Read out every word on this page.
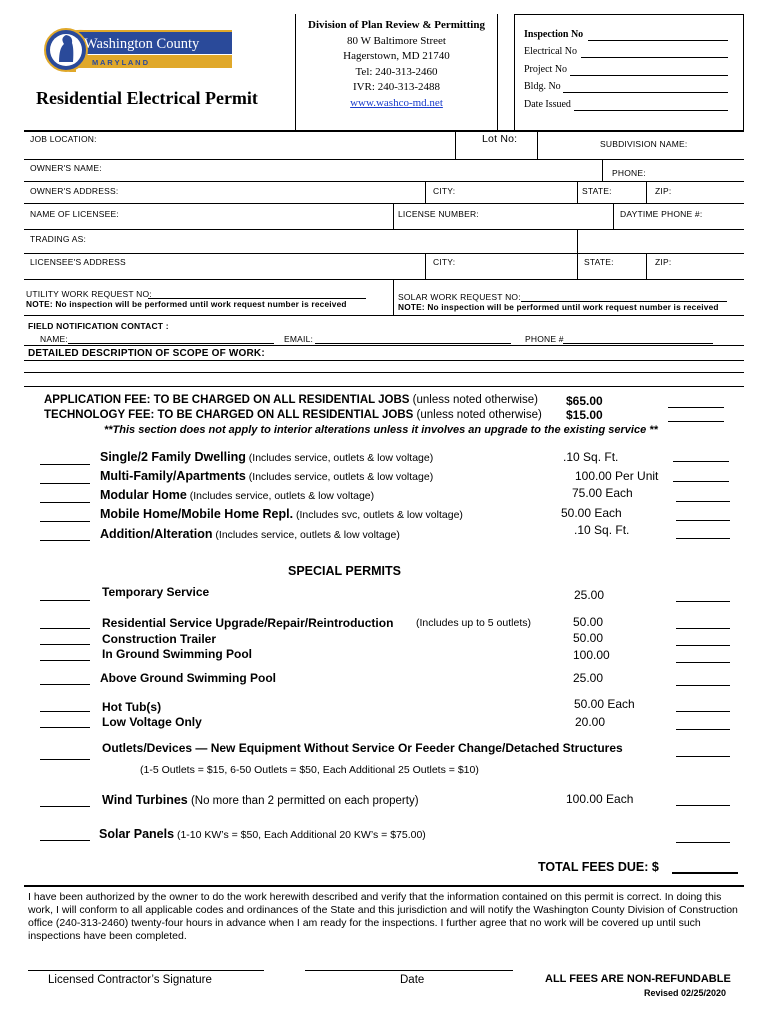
Washington County
M A R Y L A N D
Residential Electrical Permit
Division of Plan Review & Permitting
80 W Baltimore Street
Hagerstown, MD 21740
Tel: 240-313-2460
IVR: 240-313-2488
www.washco-md.net
Inspection No
Electrical No
Project No
Bldg. No
Date Issued
JOB LOCATION:	Lot No:	SUBDIVISION NAME:
OWNER'S NAME:	PHONE:
OWNER'S ADDRESS:	CITY:	STATE:	ZIP:
NAME OF LICENSEE:	LICENSE NUMBER:	DAYTIME PHONE #:
TRADING AS:
LICENSEE'S ADDRESS	CITY:	STATE:	ZIP:
UTILITY WORK REQUEST NO:
NOTE: No inspection will be performed until work request number is received
SOLAR WORK REQUEST NO:
NOTE: No inspection will be performed until work request number is received
FIELD NOTIFICATION CONTACT :
NAME:	EMAIL:	PHONE #
DETAILED DESCRIPTION OF SCOPE OF WORK:
APPLICATION FEE: TO BE CHARGED ON ALL RESIDENTIAL JOBS (unless noted otherwise) $65.00
TECHNOLOGY FEE: TO BE CHARGED ON ALL RESIDENTIAL JOBS (unless noted otherwise) $15.00
**This section does not apply to interior alterations unless it involves an upgrade to the existing service **
Single/2 Family Dwelling (Includes service, outlets & low voltage)	.10 Sq. Ft.
Multi-Family/Apartments (Includes service, outlets & low voltage)	100.00 Per Unit
Modular Home (Includes service, outlets & low voltage)	75.00 Each
Mobile Home/Mobile Home Repl. (Includes svc, outlets & low voltage)	50.00 Each
Addition/Alteration (Includes service, outlets & low voltage)	.10 Sq. Ft.
SPECIAL PERMITS
Temporary Service	25.00
Residential Service Upgrade/Repair/Reintroduction (Includes up to 5 outlets)	50.00
Construction Trailer	50.00
In Ground Swimming Pool	100.00
Above Ground Swimming Pool	25.00
Hot Tub(s)	50.00 Each
Low Voltage Only	20.00
Outlets/Devices — New Equipment Without Service Or Feeder Change/Detached Structures
(1-5 Outlets = $15, 6-50 Outlets = $50, Each Additional 25 Outlets = $10)
Wind Turbines (No more than 2 permitted on each property)	100.00 Each
Solar Panels (1-10 KW’s = $50, Each Additional 20 KW’s = $75.00)
TOTAL FEES DUE: $
I have been authorized by the owner to do the work herewith described and verify that the information contained on this permit is correct. In doing this work, I will conform to all applicable codes and ordinances of the State and this jurisdiction and will notify the Washington County Division of Construction office (240-313-2460) twenty-four hours in advance when I am ready for the inspections. I further agree that no work will be covered up until such inspections have been completed.
Licensed Contractor’s Signature	Date	ALL FEES ARE NON-REFUNDABLE
Revised 02/25/2020
